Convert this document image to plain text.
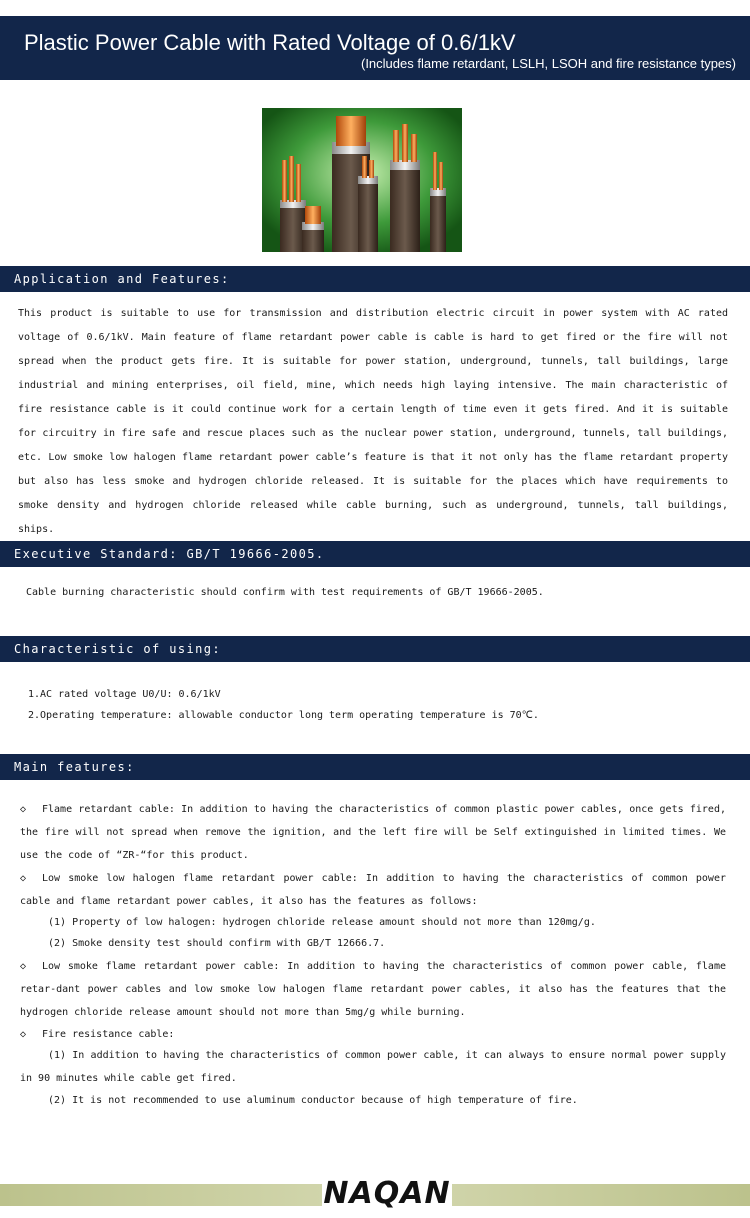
Plastic Power Cable with Rated Voltage of 0.6/1kV
(Includes flame retardant, LSLH, LSOH and fire resistance types)
Application and Features:
This product is suitable to use for transmission and distribution electric circuit in power system with AC rated voltage of 0.6/1kV. Main feature of flame retardant power cable is cable is hard to get fired or the fire will not spread when the product gets fire. It is suitable for power station, underground, tunnels, tall buildings, large industrial and mining enterprises, oil field, mine, which needs high laying intensive. The main characteristic of fire resistance cable is it could continue work for a certain length of time even it gets fired. And it is suitable for circuitry in fire safe and rescue places such as the nuclear power station, underground, tunnels, tall buildings, etc. Low smoke low halogen flame retardant power cable’s feature is that it not only has the flame retardant property but also has less smoke and hydrogen chloride released. It is suitable for the places which have requirements to smoke density and hydrogen chloride released while cable burning, such as underground, tunnels, tall buildings, ships.
Executive Standard: GB/T 19666-2005.
Cable burning characteristic should confirm with test requirements of GB/T 19666-2005.
Characteristic of using:
1.AC rated voltage U0/U: 0.6/1kV
2.Operating temperature: allowable conductor long term operating temperature is 70℃.
Main features:
◇ Flame retardant cable: In addition to having the characteristics of common plastic power cables, once gets fired, the fire will not spread when remove the ignition, and the left fire will be Self extinguished in limited times. We use the code of “ZR-“for this product.
◇ Low smoke low halogen flame retardant power cable: In addition to having the characteristics of common power cable and flame retardant power cables, it also has the features as follows:
(1) Property of low halogen: hydrogen chloride release amount should not more than 120mg/g.
(2) Smoke density test should confirm with GB/T 12666.7.
◇ Low smoke flame retardant power cable: In addition to having the characteristics of common power cable, flame retar-dant power cables and low smoke low halogen flame retardant power cables, it also has the features that the hydrogen chloride release amount should not more than 5mg/g while burning.
◇ Fire resistance cable:
(1) In addition to having the characteristics of common power cable, it can always to ensure normal power supply in 90 minutes while cable get fired.
(2) It is not recommended to use aluminum conductor because of high temperature of fire.
NAQAN
